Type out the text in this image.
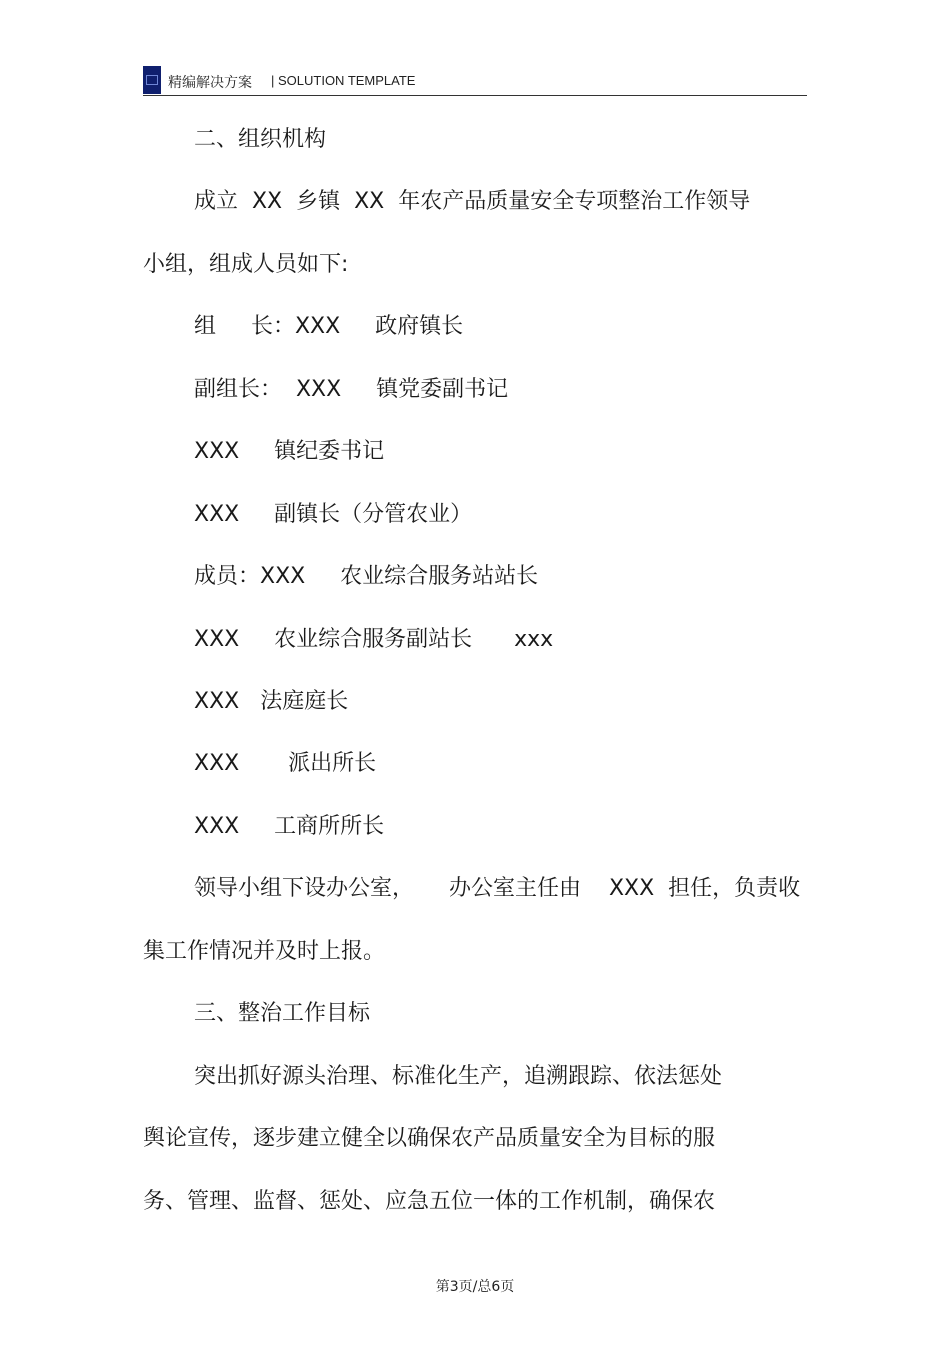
精编解决方案 | SOLUTION TEMPLATE
二、组织机构
成立  XX  乡镇  XX  年农产品质量安全专项整治工作领导
小组，组成人员如下:
组     长：XXX     政府镇长
副组长：  XXX     镇党委副书记
XXX     镇纪委书记
XXX     副镇长（分管农业）
成员：XXX     农业综合服务站站长
XXX     农业综合服务副站长      xxx
XXX   法庭庭长
XXX       派出所长
XXX     工商所所长
领导小组下设办公室，     办公室主任由    XXX  担任，负责收
集工作情况并及时上报。
三、整治工作目标
突出抓好源头治理、标准化生产，追溯跟踪、依法惩处
舆论宣传，逐步建立健全以确保农产品质量安全为目标的服
务、管理、监督、惩处、应急五位一体的工作机制，确保农
第3页/总6页
